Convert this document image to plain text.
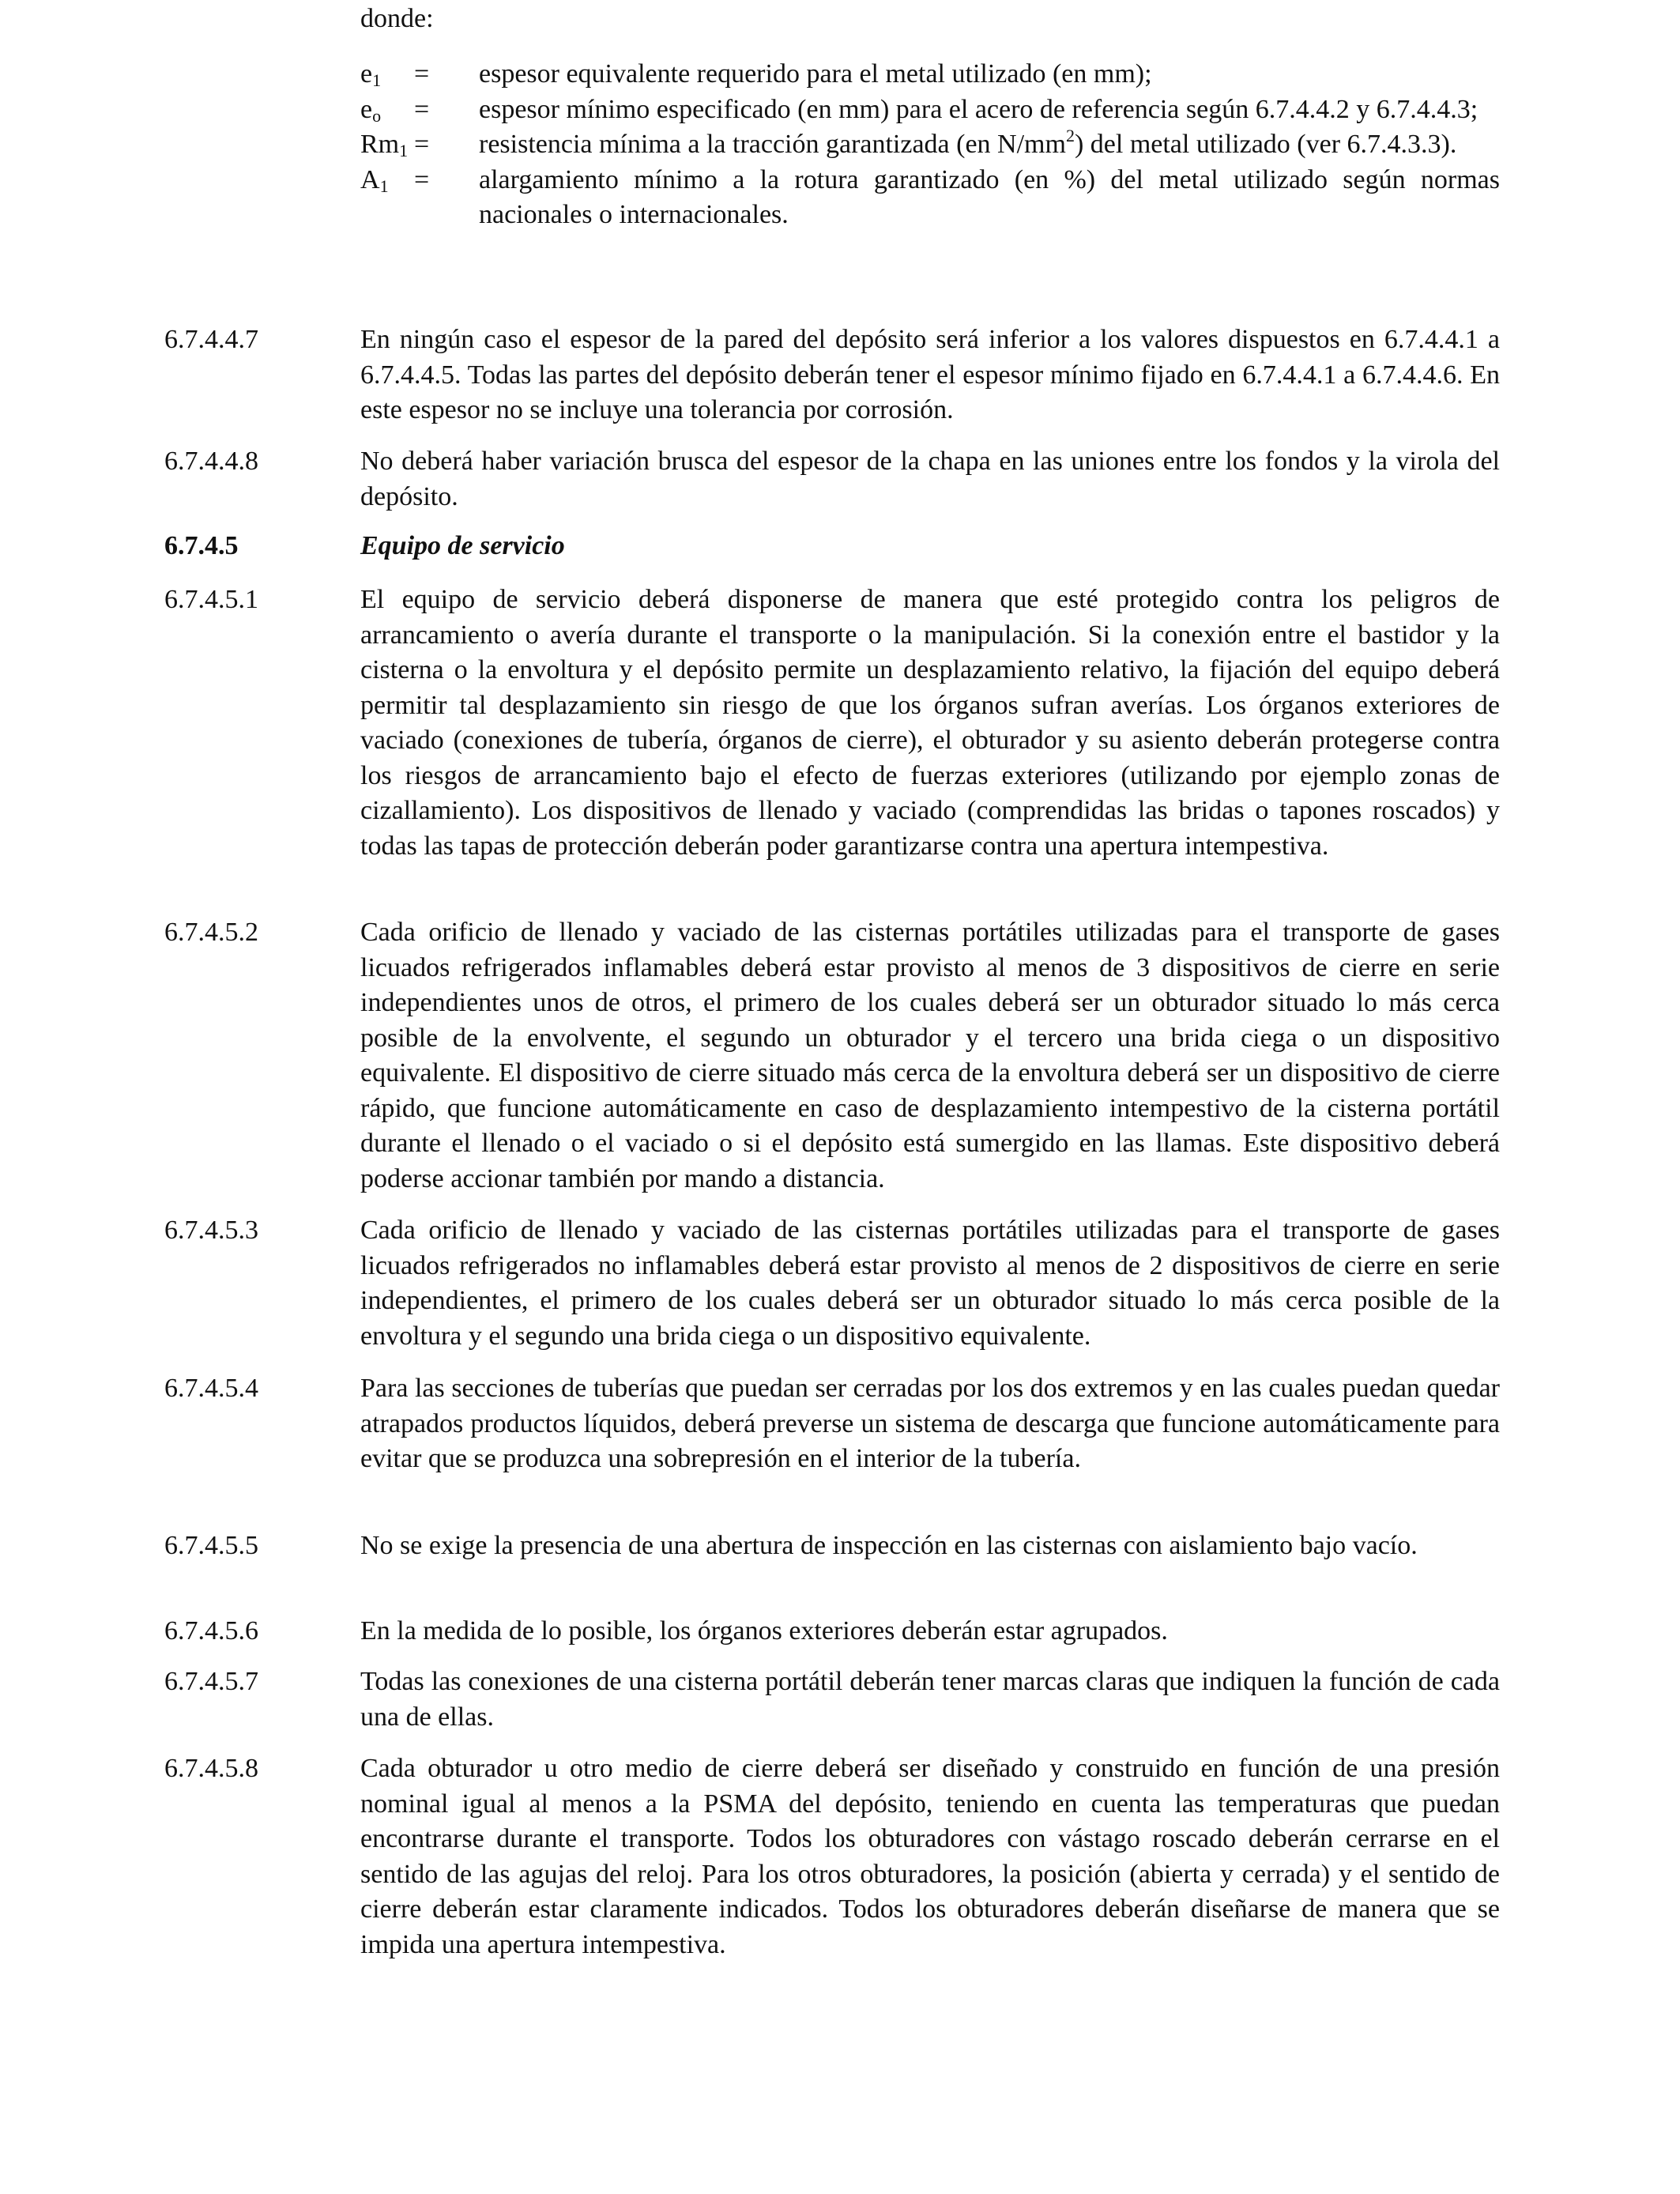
donde:
$e_1$	=	espesor equivalente requerido para el metal utilizado (en mm);
$e_o$	=	espesor mínimo especificado (en mm) para el acero de referencia según 6.7.4.4.2 y 6.7.4.4.3;
$Rm_1$ =	resistencia mínima a la tracción garantizada (en $N/mm^2$) del metal utilizado (ver 6.7.4.3.3).
$A_1$ =	alargamiento mínimo a la rotura garantizado (en %) del metal utilizado según normas nacionales o internacionales.
6.7.4.4.7	En ningún caso el espesor de la pared del depósito será inferior a los valores dispuestos en 6.7.4.4.1 a 6.7.4.4.5. Todas las partes del depósito deberán tener el espesor mínimo fijado en 6.7.4.4.1 a 6.7.4.4.6. En este espesor no se incluye una tolerancia por corrosión.
6.7.4.4.8	No deberá haber variación brusca del espesor de la chapa en las uniones entre los fondos y la virola del depósito.
6.7.4.5	Equipo de servicio
6.7.4.5.1	El equipo de servicio deberá disponerse de manera que esté protegido contra los peligros de arrancamiento o avería durante el transporte o la manipulación. Si la conexión entre el bastidor y la cisterna o la envoltura y el depósito permite un desplazamiento relativo, la fijación del equipo deberá permitir tal desplazamiento sin riesgo de que los órganos sufran averías. Los órganos exteriores de vaciado (conexiones de tubería, órganos de cierre), el obturador y su asiento deberán protegerse contra los riesgos de arrancamiento bajo el efecto de fuerzas exteriores (utilizando por ejemplo zonas de cizallamiento). Los dispositivos de llenado y vaciado (comprendidas las bridas o tapones roscados) y todas las tapas de protección deberán poder garantizarse contra una apertura intempestiva.
6.7.4.5.2	Cada orificio de llenado y vaciado de las cisternas portátiles utilizadas para el transporte de gases licuados refrigerados inflamables deberá estar provisto al menos de 3 dispositivos de cierre en serie independientes unos de otros, el primero de los cuales deberá ser un obturador situado lo más cerca posible de la envolvente, el segundo un obturador y el tercero una brida ciega o un dispositivo equivalente. El dispositivo de cierre situado más cerca de la envoltura deberá ser un dispositivo de cierre rápido, que funcione automáticamente en caso de desplazamiento intempestivo de la cisterna portátil durante el llenado o el vaciado o si el depósito está sumergido en las llamas. Este dispositivo deberá poderse accionar también por mando a distancia.
6.7.4.5.3	Cada orificio de llenado y vaciado de las cisternas portátiles utilizadas para el transporte de gases licuados refrigerados no inflamables deberá estar provisto al menos de 2 dispositivos de cierre en serie independientes, el primero de los cuales deberá ser un obturador situado lo más cerca posible de la envoltura y el segundo una brida ciega o un dispositivo equivalente.
6.7.4.5.4	Para las secciones de tuberías que puedan ser cerradas por los dos extremos y en las cuales puedan quedar atrapados productos líquidos, deberá preverse un sistema de descarga que funcione automáticamente para evitar que se produzca una sobrepresión en el interior de la tubería.
6.7.4.5.5	No se exige la presencia de una abertura de inspección en las cisternas con aislamiento bajo vacío.
6.7.4.5.6	En la medida de lo posible, los órganos exteriores deberán estar agrupados.
6.7.4.5.7	Todas las conexiones de una cisterna portátil deberán tener marcas claras que indiquen la función de cada una de ellas.
6.7.4.5.8	Cada obturador u otro medio de cierre deberá ser diseñado y construido en función de una presión nominal igual al menos a la PSMA del depósito, teniendo en cuenta las temperaturas que puedan encontrarse durante el transporte. Todos los obturadores con vástago roscado deberán cerrarse en el sentido de las agujas del reloj. Para los otros obturadores, la posición (abierta y cerrada) y el sentido de cierre deberán estar claramente indicados. Todos los obturadores deberán diseñarse de manera que se impida una apertura intempestiva.
